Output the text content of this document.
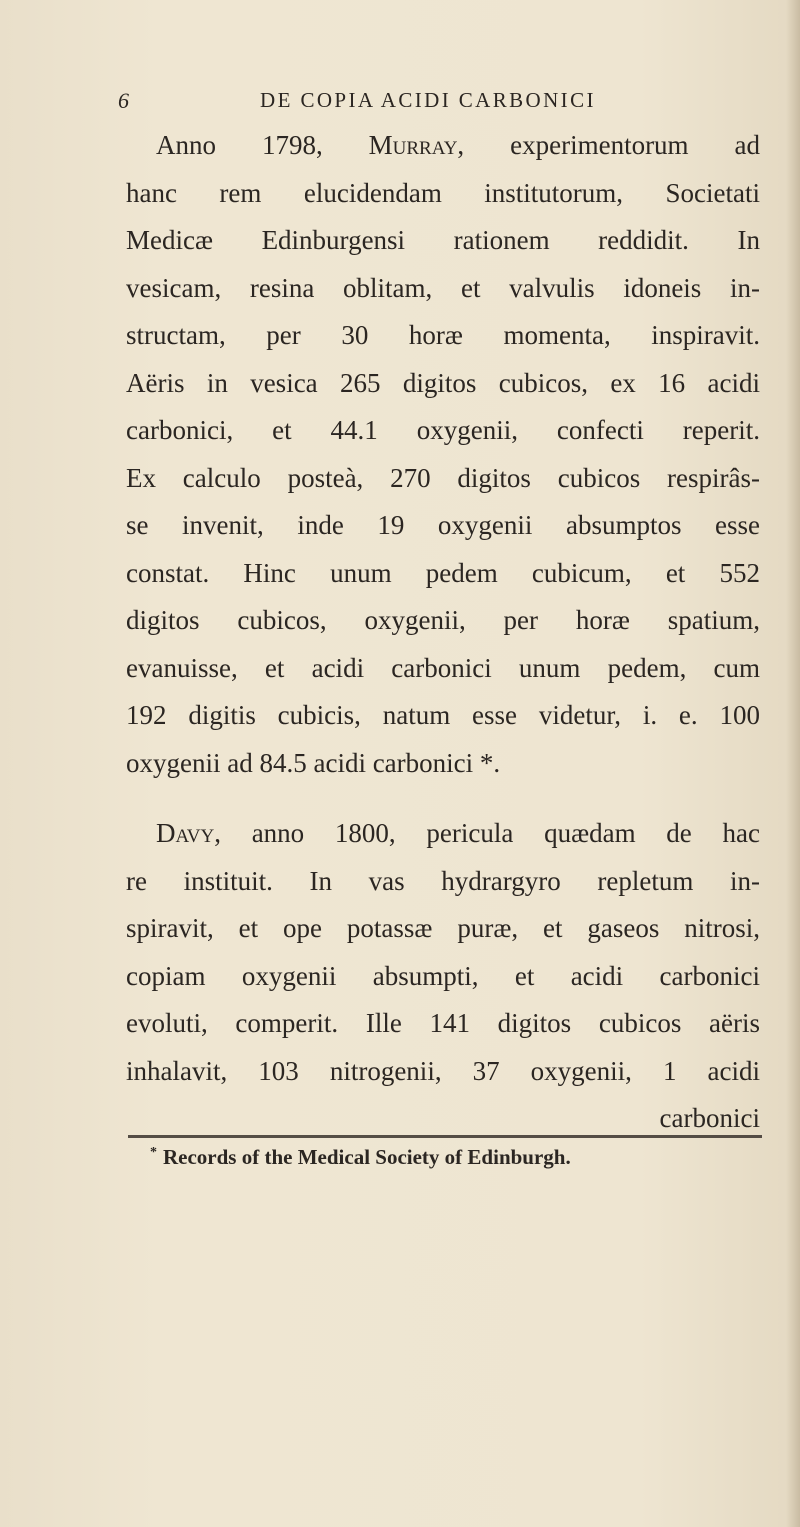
6	DE COPIA ACIDI CARBONICI
Anno 1798, Murray, experimentorum ad
hanc rem elucidendam institutorum, Societati
Medicæ Edinburgensi rationem reddidit. In
vesicam, resina oblitam, et valvulis idoneis in-
structam, per 30 horæ momenta, inspiravit.
Aëris in vesica 265 digitos cubicos, ex 16 acidi
carbonici, et 44.1 oxygenii, confecti reperit.
Ex calculo posteà, 270 digitos cubicos respirâs-
se invenit, inde 19 oxygenii absumptos esse
constat. Hinc unum pedem cubicum, et 552
digitos cubicos, oxygenii, per horæ spatium,
evanuisse, et acidi carbonici unum pedem, cum
192 digitis cubicis, natum esse videtur, i. e. 100
oxygenii ad 84.5 acidi carbonici *.
Davy, anno 1800, pericula quædam de hac
re instituit. In vas hydrargyro repletum in-
spiravit, et ope potassæ puræ, et gaseos nitrosi,
copiam oxygenii absumpti, et acidi carbonici
evoluti, comperit. Ille 141 digitos cubicos aëris
inhalavit, 103 nitrogenii, 37 oxygenii, 1 acidi
carbonici
* Records of the Medical Society of Edinburgh.
